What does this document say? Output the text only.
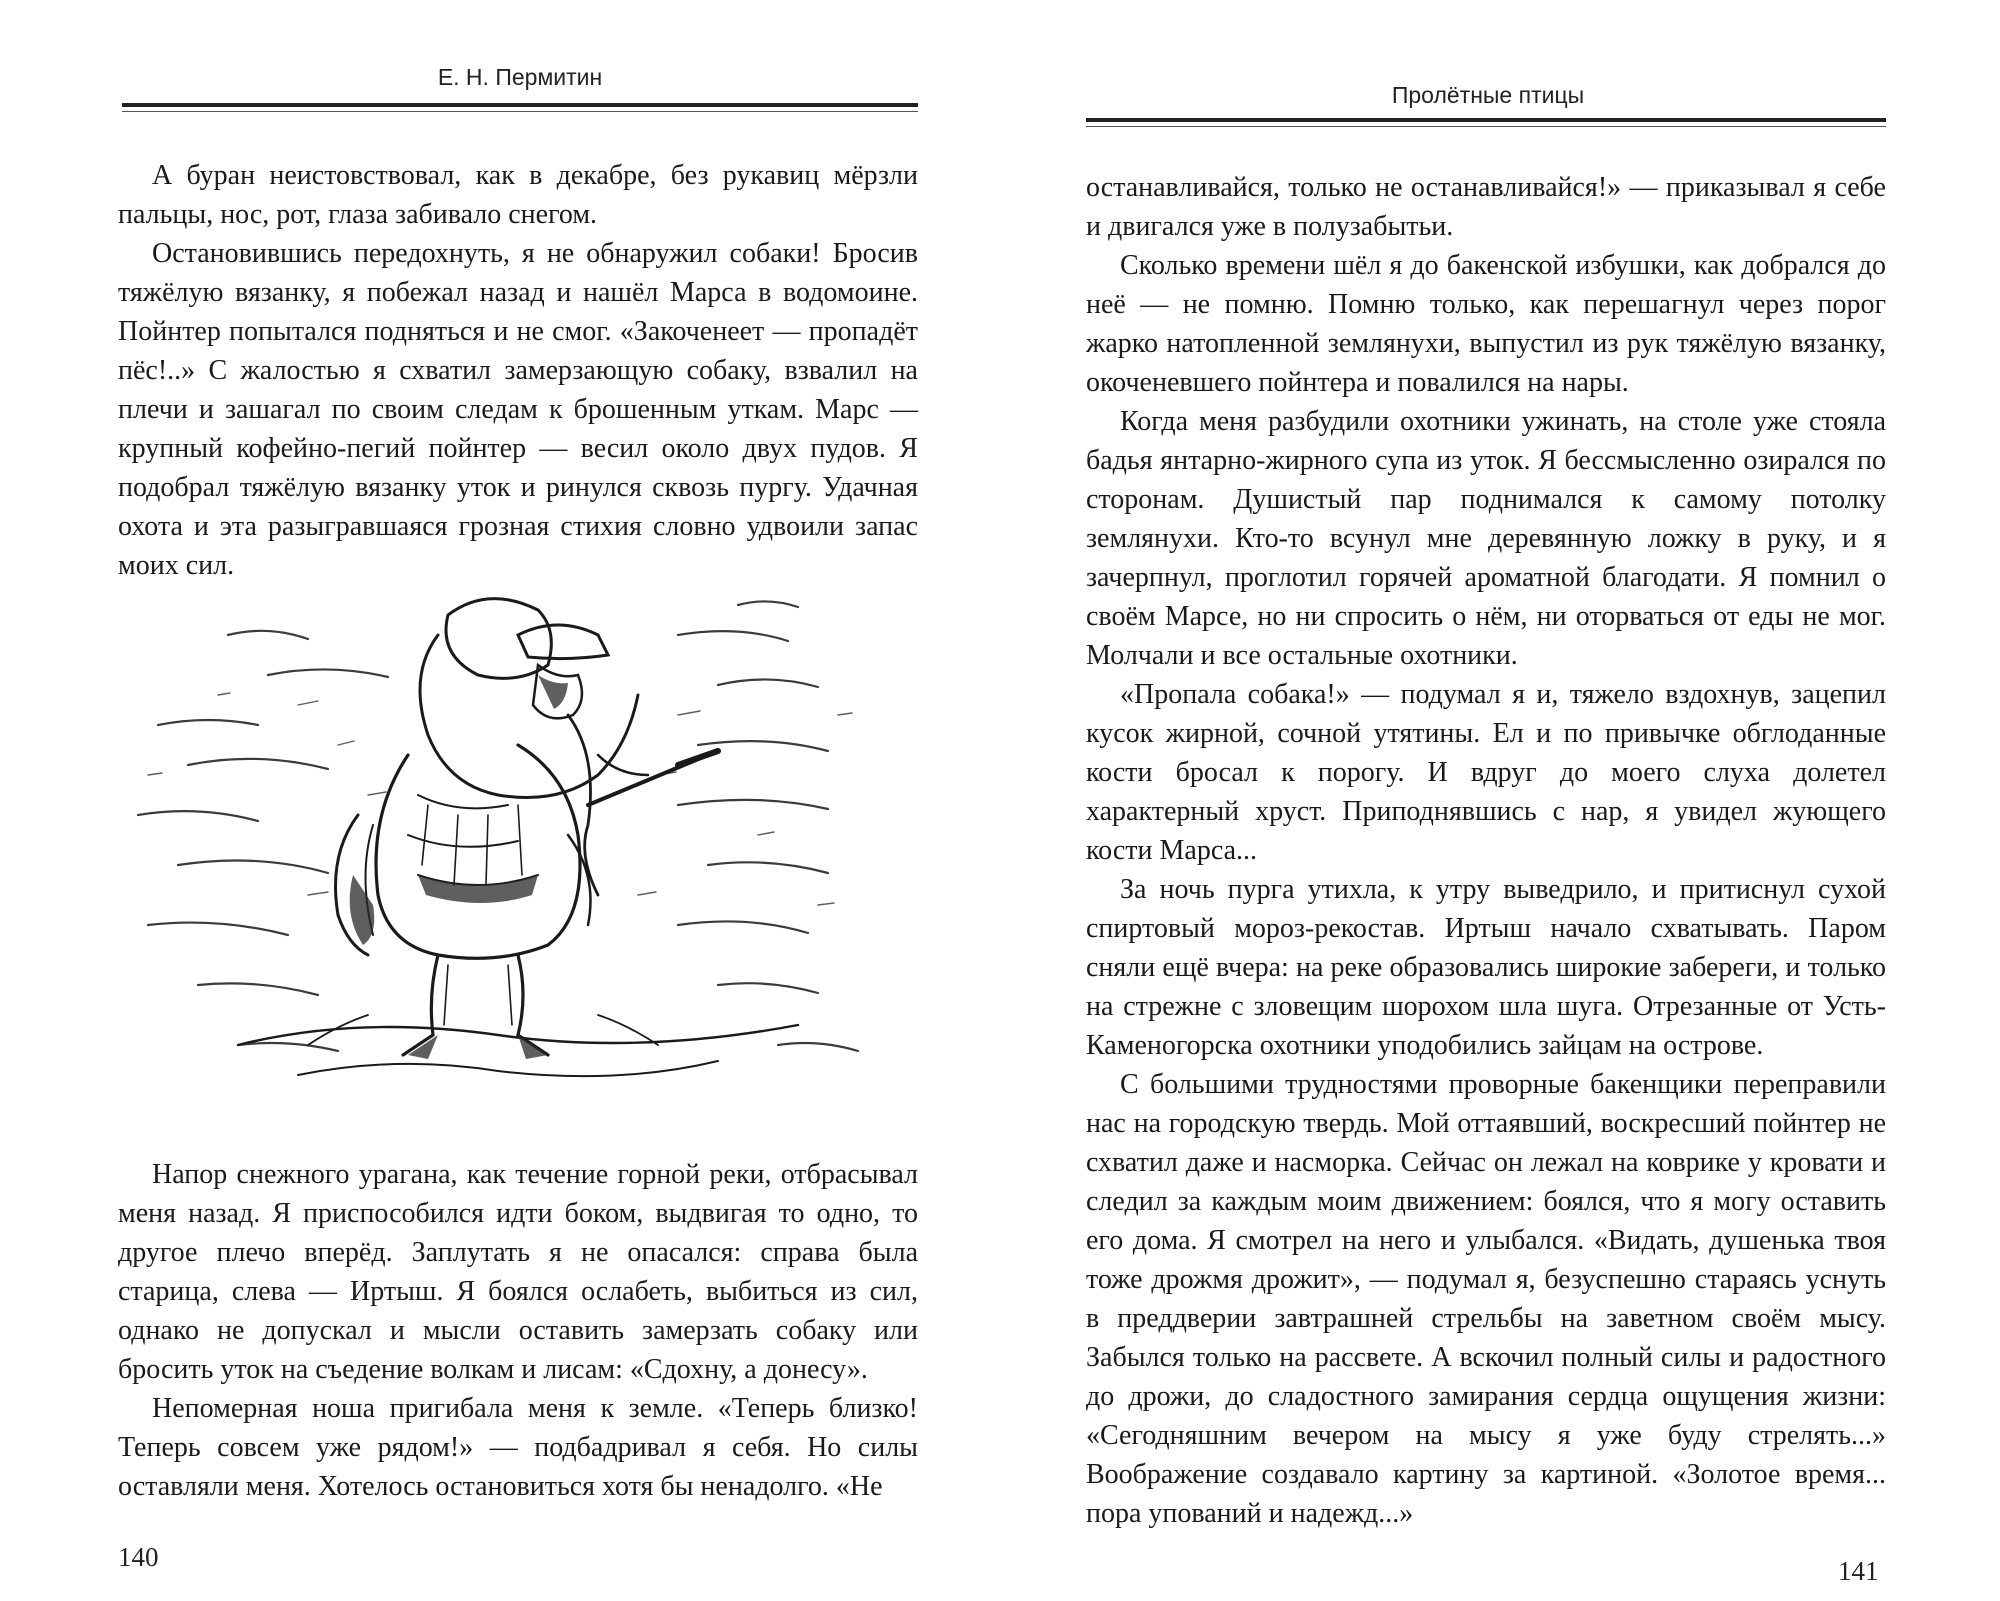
Е. Н. Пермитин

А буран неистовствовал, как в декабре, без рукавиц мёрзли пальцы, нос, рот, глаза забивало снегом.

Остановившись передохнуть, я не обнаружил собаки! Бросив тяжёлую вязанку, я побежал назад и нашёл Марса в водомоине. Пойнтер попытался подняться и не смог. «Закоченеет — пропадёт пёс!..» С жалостью я схватил замерзающую собаку, взвалил на плечи и зашагал по своим следам к брошенным уткам. Марс — крупный кофейно-пегий пойнтер — весил около двух пудов. Я подобрал тяжёлую вязанку уток и ринулся сквозь пургу. Удачная охота и эта разыгравшаяся грозная стихия словно удвоили запас моих сил.

Напор снежного урагана, как течение горной реки, отбрасывал меня назад. Я приспособился идти боком, выдвигая то одно, то другое плечо вперёд. Заплутать я не опасался: справа была старица, слева — Иртыш. Я боялся ослабеть, выбиться из сил, однако не допускал и мысли оставить замерзать собаку или бросить уток на съедение волкам и лисам: «Сдохну, а донесу».

Непомерная ноша пригибала меня к земле. «Теперь близко! Теперь совсем уже рядом!» — подбадривал я себя. Но силы оставляли меня. Хотелось остановиться хотя бы ненадолго. «Не

140
Пролётные птицы

останавливайся, только не останавливайся!» — приказывал я себе и двигался уже в полузабытьи.

Сколько времени шёл я до бакенской избушки, как добрался до неё — не помню. Помню только, как перешагнул через порог жарко натопленной землянухи, выпустил из рук тяжёлую вязанку, окоченевшего пойнтера и повалился на нары.

Когда меня разбудили охотники ужинать, на столе уже стояла бадья янтарно-жирного супа из уток. Я бессмысленно озирался по сторонам. Душистый пар поднимался к самому потолку землянухи. Кто-то всунул мне деревянную ложку в руку, и я зачерпнул, проглотил горячей ароматной благодати. Я помнил о своём Марсе, но ни спросить о нём, ни оторваться от еды не мог. Молчали и все остальные охотники.

«Пропала собака!» — подумал я и, тяжело вздохнув, зацепил кусок жирной, сочной утятины. Ел и по привычке обглоданные кости бросал к порогу. И вдруг до моего слуха долетел характерный хруст. Приподнявшись с нар, я увидел жующего кости Марса...

За ночь пурга утихла, к утру выведрило, и притиснул сухой спиртовый мороз-рекостав. Иртыш начало схватывать. Паром сняли ещё вчера: на реке образовались широкие забереги, и только на стрежне с зловещим шорохом шла шуга. Отрезанные от Усть-Каменогорска охотники уподобились зайцам на острове.

С большими трудностями проворные бакенщики переправили нас на городскую твердь. Мой оттаявший, воскресший пойнтер не схватил даже и насморка. Сейчас он лежал на коврике у кровати и следил за каждым моим движением: боялся, что я могу оставить его дома. Я смотрел на него и улыбался. «Видать, душенька твоя тоже дрожмя дрожит», — подумал я, безуспешно стараясь уснуть в преддверии завтрашней стрельбы на заветном своём мысу. Забылся только на рассвете. А вскочил полный силы и радостного до дрожи, до сладостного замирания сердца ощущения жизни: «Сегодняшним вечером на мысу я уже буду стрелять...» Воображение создавало картину за картиной. «Золотое время... пора упований и надежд...»

141
